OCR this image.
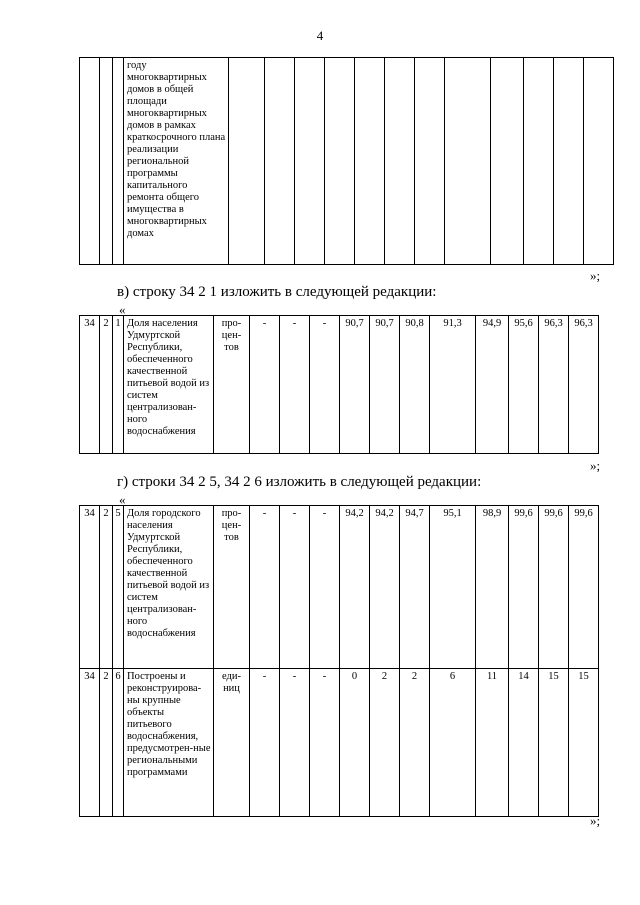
4
			году многоквартирных домов в общей площади многоквартирных домов в рамках краткосрочного плана реализации региональной программы капитального ремонта общего имущества в многоквартирных домах												
»;
в) строку 34 2 1 изложить в следующей редакции:
«
34	2	1	Доля населения Удмуртской Республики, обеспеченного качественной питьевой водой из систем централизован-ного водоснабжения	про-цен-тов	-	-	-	90,7	90,7	90,8	91,3	94,9	95,6	96,3	96,3
»;
г) строки 34 2 5, 34 2 6 изложить в следующей редакции:
«
34	2	5	Доля городского населения Удмуртской Республики, обеспеченного качественной питьевой водой из систем централизован-ного водоснабжения	про-цен-тов	-	-	-	94,2	94,2	94,7	95,1	98,9	99,6	99,6	99,6
34	2	6	Построены и реконструирова-ны крупные объекты питьевого водоснабжения, предусмотрен-ные региональными программами	еди-ниц	-	-	-	0	2	2	6	11	14	15	15
»;
